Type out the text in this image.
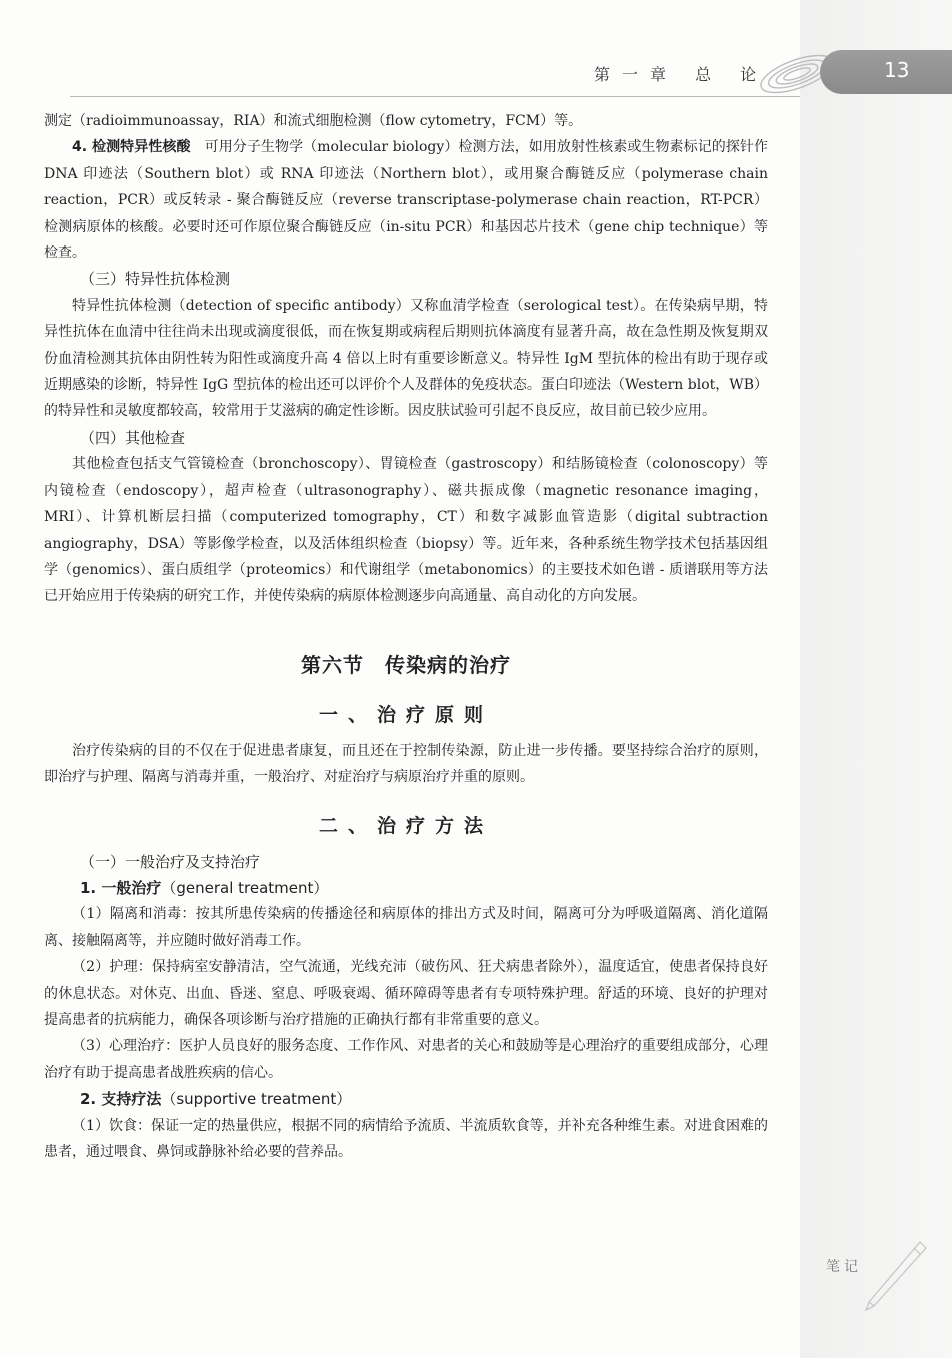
13
第一章 总 论

测定（radioimmunoassay，RIA）和流式细胞检测（flow cytometry，FCM）等。

4. 检测特异性核酸　 可用分子生物学（molecular biology）检测方法，如用放射性核素或生物素标记的探针作 DNA 印迹法（Southern blot）或 RNA 印迹法（Northern blot），或用聚合酶链反应（polymerase chain reaction，PCR）或反转录 - 聚合酶链反应（reverse transcriptase-polymerase chain reaction，RT-PCR）检测病原体的核酸。必要时还可作原位聚合酶链反应（in-situ PCR）和基因芯片技术（gene chip technique）等检查。

（三）特异性抗体检测

特异性抗体检测（detection of specific antibody）又称血清学检查（serological test）。在传染病早期，特异性抗体在血清中往往尚未出现或滴度很低，而在恢复期或病程后期则抗体滴度有显著升高，故在急性期及恢复期双份血清检测其抗体由阴性转为阳性或滴度升高 4 倍以上时有重要诊断意义。特异性 IgM 型抗体的检出有助于现存或近期感染的诊断，特异性 IgG 型抗体的检出还可以评价个人及群体的免疫状态。蛋白印迹法（Western blot，WB）的特异性和灵敏度都较高，较常用于艾滋病的确定性诊断。因皮肤试验可引起不良反应，故目前已较少应用。

（四）其他检查

其他检查包括支气管镜检查（bronchoscopy）、胃镜检查（gastroscopy）和结肠镜检查（colonoscopy）等内镜检查（endoscopy），超声检查（ultrasonography）、磁共振成像（magnetic resonance imaging，MRI）、计算机断层扫描（computerized tomography，CT）和数字减影血管造影（digital subtraction angiography，DSA）等影像学检查，以及活体组织检查（biopsy）等。近年来，各种系统生物学技术包括基因组学（genomics）、蛋白质组学（proteomics）和代谢组学（metabonomics）的主要技术如色谱 - 质谱联用等方法已开始应用于传染病的研究工作，并使传染病的病原体检测逐步向高通量、高自动化的方向发展。

第六节　传染病的治疗
一、治疗原则

治疗传染病的目的不仅在于促进患者康复，而且还在于控制传染源，防止进一步传播。要坚持综合治疗的原则，即治疗与护理、隔离与消毒并重，一般治疗、对症治疗与病原治疗并重的原则。

二、治疗方法
（一）一般治疗及支持治疗
1. 一般治疗（general treatment）

（1）隔离和消毒：按其所患传染病的传播途径和病原体的排出方式及时间，隔离可分为呼吸道隔离、消化道隔离、接触隔离等，并应随时做好消毒工作。

（2）护理：保持病室安静清洁，空气流通，光线充沛（破伤风、狂犬病患者除外），温度适宜，使患者保持良好的休息状态。对休克、出血、昏迷、窒息、呼吸衰竭、循环障碍等患者有专项特殊护理。舒适的环境、良好的护理对提高患者的抗病能力，确保各项诊断与治疗措施的正确执行都有非常重要的意义。

（3）心理治疗：医护人员良好的服务态度、工作作风、对患者的关心和鼓励等是心理治疗的重要组成部分，心理治疗有助于提高患者战胜疾病的信心。

2. 支持疗法（supportive treatment）

（1）饮食：保证一定的热量供应，根据不同的病情给予流质、半流质软食等，并补充各种维生素。对进食困难的患者，通过喂食、鼻饲或静脉补给必要的营养品。

笔记
